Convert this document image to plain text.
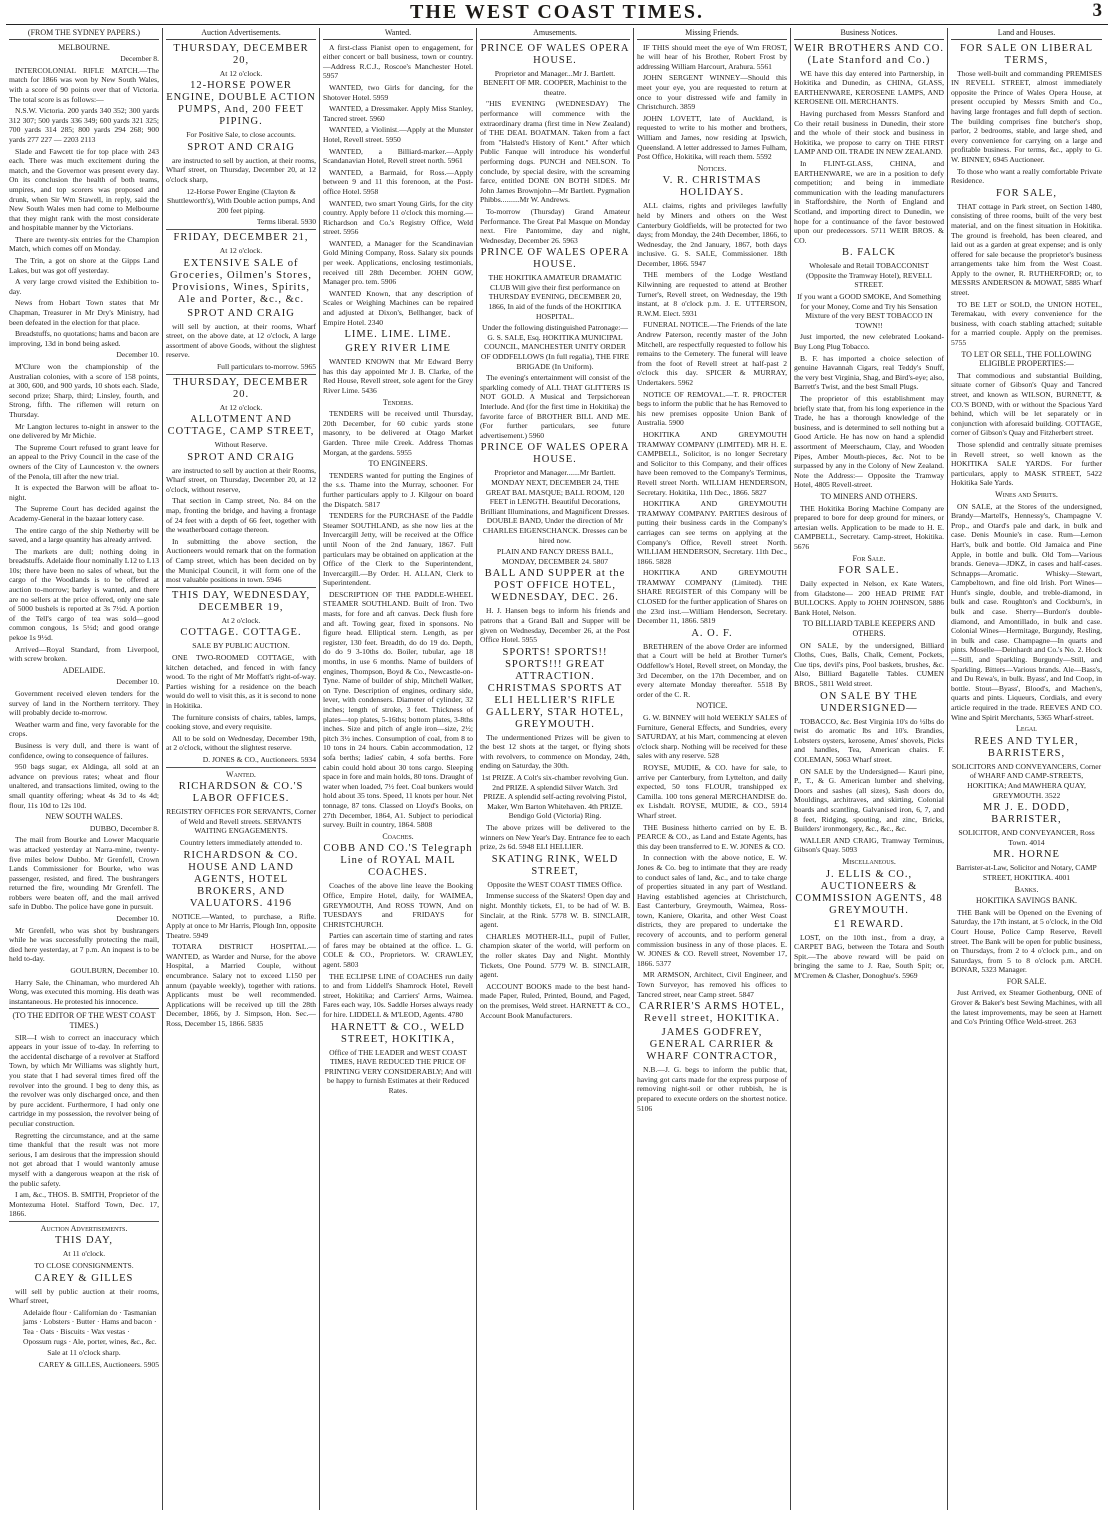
THE WEST COAST TIMES.	3
(FROM THE SYDNEY PAPERS.)

MELBOURNE.

December 8.

INTERCOLONIAL RIFLE MATCH.—The match for 1866 was won by New South Wales, with a score of 90 points over that of Victoria. The total score is as follows:—

N.S.W. Victoria. 200 yards 340 352; 300 yards 312 307; 500 yards 336 349; 600 yards 321 325; 700 yards 314 285; 800 yards 294 268; 900 yards 277 227 — 2203 2113

Slade and Fawcett tie for top place with 243 each. There was much excitement during the match, and the Governor was present every day. On its conclusion the health of both teams, umpires, and top scorers was proposed and drunk, when Sir Wm Stawell, in reply, said the New South Wales men had come to Melbourne that they might rank with the most considerate and hospitable manner by the Victorians.

There are twenty-six entries for the Champion Match, which comes off on Monday.

The Trin, a got on shore at the Gipps Land Lakes, but was got off yesterday.

A very large crowd visited the Exhibition to-day.

News from Hobart Town states that Mr Chapman, Treasurer in Mr Dry's Ministry, had been defeated in the election for that place.

Breadstuffs, no quotations; hams and bacon are improving, 13d in bond being asked.

December 10.

M'Clure won the championship of the Australian colonies, with a score of 158 points, at 300, 600, and 900 yards, 10 shots each. Slade, second prize; Sharp, third; Linsley, fourth, and Strong, fifth. The riflemen will return on Thursday.

Mr Langton lectures to-night in answer to the one delivered by Mr Michie.

The Supreme Court refused to grant leave for an appeal to the Privy Council in the case of the owners of the City of Launceston v. the owners of the Penola, till after the new trial.

It is expected the Barwon will be afloat to-night.

The Supreme Court has decided against the Academy-General in the bazaar lottery case.

The entire cargo of the ship Netherby will be saved, and a large quantity has already arrived.

The markets are dull; nothing doing in breadstuffs. Adelaide flour nominally L12 to L13 10s; there have been no sales of wheat, but the cargo of the Woodlands is to be offered at auction to-morrow; barley is wanted, and there are no sellers at the price offered, only one sale of 5000 bushels is reported at 3s 7½d. A portion of the Tell's cargo of tea was sold—good common congous, 1s 5½d; and good orange pekoe 1s 9½d.

Arrived—Royal Standard, from Liverpool, with screw broken.

ADELAIDE.

December 10.

Government received eleven tenders for the survey of land in the Northern territory. They will probably decide to-morrow.

Weather warm and fine, very favorable for the crops.

Business is very dull, and there is want of confidence, owing to consequence of failures.

950 bags sugar, ex Aldinga, all sold at an advance on previous rates; wheat and flour unaltered, and transactions limited, owing to the small quantity offering; wheat 4s 3d to 4s 4d; flour, 11s 10d to 12s 10d.

NEW SOUTH WALES.

DUBBO, December 8.

The mail from Bourke and Lower Macquarie was attacked yesterday at Narra-mine, twenty-five miles below Dubbo. Mr Grenfell, Crown Lands Commissioner for Bourke, who was passenger, resisted, and fired. The bushrangers returned the fire, wounding Mr Grenfell. The robbers were beaten off, and the mail arrived safe in Dubbo. The police have gone in pursuit.

December 10.

Mr Grenfell, who was shot by bushrangers while he was successfully protecting the mail, died here yesterday, at 7 p.m. An inquest is to be held to-day.

GOULBURN, December 10.

Harry Sale, the Chinaman, who murdered Ah Wong, was executed this morning. His death was instantaneous. He protested his innocence.

(TO THE EDITOR OF THE WEST COAST TIMES.)

SIR—I wish to correct an inaccuracy which appears in your issue of to-day. In referring to the accidental discharge of a revolver at Stafford Town, by which Mr Williams was slightly hurt, you state that I had several times fired off the revolver into the ground. I beg to deny this, as the revolver was only discharged once, and then by pure accident. Furthermore, I had only one cartridge in my possession, the revolver being of peculiar construction.

Regretting the circumstance, and at the same time thankful that the result was not more serious, I am desirous that the impression should not get abroad that I would wantonly amuse myself with a dangerous weapon at the risk of the public safety.

I am, &c., THOS. B. SMITH, Proprietor of the Montezuma Hotel. Stafford Town, Dec. 17, 1866.

Auction Advertisements.

THIS DAY,

At 11 o'clock.

TO CLOSE CONSIGNMENTS.

CAREY & GILLES

will sell by public auction at their rooms, Wharf street,

Adelaide flour · Californian do · Tasmanian jams · Lobsters · Butter · Hams and bacon · Tea · Oats · Biscuits · Wax vestas · Opossum rugs · Ale, porter, wines, &c., &c.

Sale at 11 o'clock sharp.

CAREY & GILLES, Auctioneers. 5905

Auction Advertisements.

THURSDAY, DECEMBER 20,

At 12 o'clock.

12-HORSE POWER ENGINE, DOUBLE ACTION PUMPS, And, 200 FEET PIPING.

For Positive Sale, to close accounts.

SPROT AND CRAIG

are instructed to sell by auction, at their rooms, Wharf street, on Thursday, December 20, at 12 o'clock sharp,

12-Horse Power Engine (Clayton & Shuttleworth's), With Double action pumps, And 200 feet piping.

Terms liberal. 5930

FRIDAY, DECEMBER 21,

At 12 o'clock.

EXTENSIVE SALE of Groceries, Oilmen's Stores, Provisions, Wines, Spirits, Ale and Porter, &c., &c.

SPROT AND CRAIG

will sell by auction, at their rooms, Wharf street, on the above date, at 12 o'clock, A large assortment of above Goods, without the slightest reserve.

Full particulars to-morrow. 5965

THURSDAY, DECEMBER 20.

At 12 o'clock.

ALLOTMENT AND COTTAGE, CAMP STREET,

Without Reserve.

SPROT AND CRAIG

are instructed to sell by auction at their Rooms, Wharf street, on Thursday, December 20, at 12 o'clock, without reserve,

That section in Camp street, No. 84 on the map, fronting the bridge, and having a frontage of 24 feet with a depth of 66 feet, together with the weatherboard cottage thereon.

In submitting the above section, the Auctioneers would remark that on the formation of Camp street, which has been decided on by the Municipal Council, it will form one of the most valuable positions in town. 5946

THIS DAY, WEDNESDAY, DECEMBER 19,

At 2 o'clock.

COTTAGE. COTTAGE.

SALE BY PUBLIC AUCTION.

ONE TWO-ROOMED COTTAGE, with kitchen detached, and fenced in with fancy wood. To the right of Mr Moffatt's right-of-way. Parties wishing for a residence on the beach would do well to visit this, as it is second to none in Hokitika.

The furniture consists of chairs, tables, lamps, cooking stove, and every requisite.

All to be sold on Wednesday, December 19th, at 2 o'clock, without the slightest reserve.

D. JONES & CO., Auctioneers. 5934

Wanted.

RICHARDSON & CO.'S LABOR OFFICES.

REGISTRY OFFICES FOR SERVANTS, Corner of Weld and Revell streets. SERVANTS WAITING ENGAGEMENTS.

Country letters immediately attended to.

RICHARDSON & CO. HOUSE AND LAND AGENTS, HOTEL BROKERS, AND VALUATORS. 4196

NOTICE.—Wanted, to purchase, a Rifle. Apply at once to Mr Harris, Plough Inn, opposite Theatre. 5949

TOTARA DISTRICT HOSPITAL.—WANTED, as Warder and Nurse, for the above Hospital, a Married Couple, without encumbrance. Salary not to exceed L150 per annum (payable weekly), together with rations. Applicants must be well recommended. Applications will be received up till the 28th December, 1866, by J. Simpson, Hon. Sec.—Ross, December 15, 1866. 5835

Wanted.

A first-class Pianist open to engagement, for either concert or ball business, town or country.—Address R.C.J., Roscoe's Manchester Hotel. 5957

WANTED, two Girls for dancing, for the Shotover Hotel. 5959

WANTED, a Dressmaker. Apply Miss Stanley, Tancred street. 5960

WANTED, a Violinist.—Apply at the Munster Hotel, Revell street. 5950

WANTED, a Billiard-marker.—Apply Scandanavian Hotel, Revell street north. 5961

WANTED, a Barmaid, for Ross.—Apply between 9 and 11 this forenoon, at the Post-office Hotel. 5958

WANTED, two smart Young Girls, for the city country. Apply before 11 o'clock this morning.—Richardson and Co.'s Registry Office, Weld street. 5956

WANTED, a Manager for the Scandinavian Gold Mining Company, Ross. Salary six pounds per week. Applications, enclosing testimonials, received till 28th December. JOHN GOW, Manager pro. tem. 5906

WANTED Known, that any description of Scales or Weighing Machines can be repaired and adjusted at Dixon's, Bellhanger, back of Empire Hotel. 2340

LIME. LIME. LIME.

GREY RIVER LIME

WANTED KNOWN that Mr Edward Berry has this day appointed Mr J. B. Clarke, of the Red House, Revell street, sole agent for the Grey River Lime. 5436

Tenders.

TENDERS will be received until Thursday, 20th December, for 60 cubic yards stone masonry, to be delivered at Otago Market Garden. Three mile Creek. Address Thomas Morgan, at the gardens. 5955

TO ENGINEERS.

TENDERS wanted for putting the Engines of the s.s. Thame into the Murray, schooner. For further particulars apply to J. Kilgour on board the Dispatch. 5817

TENDERS for the PURCHASE of the Paddle Steamer SOUTHLAND, as she now lies at the Invercargill Jetty, will be received at the Office until Noon of the 2nd January, 1867. Full particulars may be obtained on application at the Office of the Clerk to the Superintendent, Invercargill.—By Order. H. ALLAN, Clerk to Superintendent.

DESCRIPTION OF THE PADDLE-WHEEL STEAMER SOUTHLAND. Built of Iron. Two masts, for fore and aft canvas. Deck flush fore and aft. Towing gear, fixed in sponsons. No figure head. Elliptical stern. Length, as per register, 130 feet. Breadth, do do 19 do. Depth, do do 9 3-10ths do. Boiler, tubular, age 18 months, in use 6 months. Name of builders of engines, Thompson, Boyd & Co., Newcastle-on-Tyne. Name of builder of ship, Mitchell Walker, on Tyne. Description of engines, ordinary side, lever, with condensers. Diameter of cylinder, 32 inches; length of stroke, 3 feet. Thickness of plates—top plates, 5-16ths; bottom plates, 3-8ths inches. Size and pitch of angle iron—size, 2½; pitch 3½ inches. Consumption of coal, from 8 to 10 tons in 24 hours. Cabin accommodation, 12 sofa berths; ladies' cabin, 4 sofa berths. Fore cabin could hold about 30 tons cargo. Sleeping space in fore and main holds, 80 tons. Draught of water when loaded, 7½ feet. Coal bunkers would hold about 35 tons. Speed, 11 knots per hour. Net tonnage, 87 tons. Classed on Lloyd's Books, on 27th December, 1864, A1. Subject to periodical survey. Built in country, 1864. 5808

Coaches.

COBB AND CO.'S Telegraph Line of ROYAL MAIL COACHES.

Coaches of the above line leave the Booking Office, Empire Hotel, daily, for WAIMEA, GREYMOUTH, And ROSS TOWN, And on TUESDAYS and FRIDAYS for CHRISTCHURCH.

Parties can ascertain time of starting and rates of fares may be obtained at the office. L. G. COLE & CO., Proprietors. W. CRAWLEY, agent. 5803

THE ECLIPSE LINE of COACHES run daily to and from Liddell's Shamrock Hotel, Revell street, Hokitika; and Carriers' Arms, Waimea. Fares each way, 10s. Saddle Horses always ready for hire. LIDDELL & M'LEOD, Agents. 4780

HARNETT & CO., WELD STREET, HOKITIKA,

Office of THE LEADER and WEST COAST TIMES, HAVE REDUCED THE PRICE OF PRINTING VERY CONSIDERABLY; And will be happy to furnish Estimates at their Reduced Rates.

Amusements.

PRINCE OF WALES OPERA HOUSE.

Proprietor and Manager...Mr J. Bartlett. BENEFIT OF MR. COOPER, Machinist to the theatre.

"HIS EVENING (WEDNESDAY) The performance will commence with the extraordinary drama (first time in New Zealand) of THE DEAL BOATMAN. Taken from a fact from "Halsted's History of Kent." After which Public Fanque will introduce his wonderful performing dogs. PUNCH and NELSON. To conclude, by special desire, with the screaming farce, entitled DONE ON BOTH SIDES. Mr John James Brownjohn—Mr Bartlett. Pygmalion Phibbs..........Mr W. Andrews.

To-morrow (Thursday) Grand Amateur Performance. The Great Pal Masque on Monday next. Fire Pantomime, day and night, Wednesday, December 26. 5963

PRINCE OF WALES OPERA HOUSE.

THE HOKITIKA AMATEUR DRAMATIC CLUB Will give their first performance on THURSDAY EVENING, DECEMBER 20, 1866, In aid of the funds of the HOKITIKA HOSPITAL.

Under the following distinguished Patronage:— G. S. SALE, Esq. HOKITIKA MUNICIPAL COUNCIL, MANCHESTER UNITY ORDER OF ODDFELLOWS (In full regalia), THE FIRE BRIGADE (In Uniform).

The evening's entertainment will consist of the sparkling comedy of ALL THAT GLITTERS IS NOT GOLD. A Musical and Terpsichorean Interlude. And (for the first time in Hokitika) the favorite farce of BROTHER BILL AND ME. (For further particulars, see future advertisement.) 5960

PRINCE OF WALES OPERA HOUSE.

Proprietor and Manager.......Mr Bartlett. MONDAY NEXT, DECEMBER 24, THE GREAT BAL MASQUE; BALL ROOM, 120 FEET in LENGTH. Beautiful Decorations, Brilliant Illuminations, and Magnificent Dresses. DOUBLE BAND, Under the direction of Mr CHARLES EIGENSCHANCK. Dresses can be hired now.

PLAIN AND FANCY DRESS BALL, MONDAY, DECEMBER 24. 5807

BALL AND SUPPER at the POST OFFICE HOTEL, WEDNESDAY, DEC. 26.

H. J. Hansen begs to inform his friends and patrons that a Grand Ball and Supper will be given on Wednesday, December 26, at the Post Office Hotel. 5955

SPORTS! SPORTS!! SPORTS!!! GREAT ATTRACTION. CHRISTMAS SPORTS AT ELI HELLIER'S RIFLE GALLERY, STAR HOTEL, GREYMOUTH.

The undermentioned Prizes will be given to the best 12 shots at the target, or flying shots with revolvers, to commence on Monday, 24th, ending on Saturday, the 30th.

1st PRIZE. A Colt's six-chamber revolving Gun. 2nd PRIZE. A splendid Silver Watch. 3rd PRIZE. A splendid self-acting revolving Pistol, Maker, Wm Barton Whitehaven. 4th PRIZE. Bendigo Gold (Victoria) Ring.

The above prizes will be delivered to the winners on New Year's Day. Entrance fee to each prize, 2s 6d. 5948 ELI HELLIER.

SKATING RINK, WELD STREET,

Opposite the WEST COAST TIMES Office.

Immense success of the Skaters! Open day and night. Monthly tickets, £1, to be had of W. B. Sinclair, at the Rink. 5778 W. B. SINCLAIR, agent.

CHARLES MOTHER-ILL, pupil of Fuller, champion skater of the world, will perform on the roller skates Day and Night. Monthly Tickets, One Pound. 5779 W. B. SINCLAIR, agent.

ACCOUNT BOOKS made to the best hand-made Paper, Ruled, Printed, Bound, and Paged, on the premises, Weld street. HARNETT & CO., Account Book Manufacturers.

Missing Friends.

IF THIS should meet the eye of Wm FROST, he will hear of his Brother, Robert Frost by addressing William Harcourt, Arahura. 5561

JOHN SERGENT WINNEY—Should this meet your eye, you are requested to return at once to your distressed wife and family in Christchurch. 3859

JOHN LOVETT, late of Auckland, is requested to write to his mother and brothers, William and James, now residing at Ipswich, Queensland. A letter addressed to James Fulham, Post Office, Hokitika, will reach them. 5592

Notices.

V. R. CHRISTMAS HOLIDAYS.

ALL claims, rights and privileges lawfully held by Miners and others on the West Canterbury Goldfields, will be protected for two days; from Monday, the 24th December, 1866, to Wednesday, the 2nd January, 1867, both days inclusive. G. S. SALE, Commissioner. 18th December, 1866. 5947

THE members of the Lodge Westland Kilwinning are requested to attend at Brother Turner's, Revell street, on Wednesday, the 19th instant, at 8 o'clock p.m. J. E. UTTERSON, R.W.M. Elect. 5931

FUNERAL NOTICE.—The Friends of the late Andrew Paterson, recently master of the John Mitchell, are respectfully requested to follow his remains to the Cemetery. The funeral will leave from the foot of Revell street at half-past 2 o'clock this day. SPICER & MURRAY, Undertakers. 5962

NOTICE OF REMOVAL.—T. R. PROCTER begs to inform the public that he has Removed to his new premises opposite Union Bank of Australia. 5900

HOKITIKA AND GREYMOUTH TRAMWAY COMPANY (LIMITED). MR H. E. CAMPBELL, Solicitor, is no longer Secretary and Solicitor to this Company, and their offices have been removed to the Company's Terminus, Revell street North. WILLIAM HENDERSON, Secretary. Hokitika, 11th Dec., 1866. 5827

HOKITIKA AND GREYMOUTH TRAMWAY COMPANY. PARTIES desirous of putting their business cards in the Company's carriages can see terms on applying at the Company's Office, Revell street North. WILLIAM HENDERSON, Secretary. 11th Dec., 1866. 5828

HOKITIKA AND GREYMOUTH TRAMWAY COMPANY (Limited). THE SHARE REGISTER of this Company will be CLOSED for the further application of Shares on the 23rd inst.—William Henderson, Secretary. December 11, 1866. 5819

A. O. F.

BRETHREN of the above Order are informed that a Court will be held at Brother Turner's Oddfellow's Hotel, Revell street, on Monday, the 3rd December, on the 17th December, and on every alternate Monday thereafter. 5518 By order of the C. R.

NOTICE.

G. W. BINNEY will hold WEEKLY SALES of Furniture, General Effects, and Sundries, every SATURDAY, at his Mart, commencing at eleven o'clock sharp. Nothing will be received for these sales with any reserve. 528

ROYSE, MUDIE, & CO. have for sale, to arrive per Canterbury, from Lyttelton, and daily expected, 50 tons FLOUR, transhipped ex Camilla. 100 tons general MERCHANDISE do. ex Lishdalt. ROYSE, MUDIE, & CO., 5914 Wharf street.

THE Business hitherto carried on by E. B. PEARCE & CO., as Land and Estate Agents, has this day been transferred to E. W. JONES & CO.

In connection with the above notice, E. W. Jones & Co. beg to intimate that they are ready to conduct sales of land, &c., and to take charge of properties situated in any part of Westland. Having established agencies at Christchurch, East Canterbury, Greymouth, Waimea, Ross-town, Kaniere, Okarita, and other West Coast districts, they are prepared to undertake the recovery of accounts, and to perform general commission business in any of those places. E. W. JONES & CO. Revell street, November 17, 1866. 5377

MR ARMSON, Architect, Civil Engineer, and Town Surveyor, has removed his offices to Tancred street, near Camp street. 5847

CARRIER'S ARMS HOTEL, Revell street, HOKITIKA.

JAMES GODFREY, GENERAL CARRIER & WHARF CONTRACTOR,

N.B.—J. G. begs to inform the public that, having got carts made for the express purpose of removing night-soil or other rubbish, he is prepared to execute orders on the shortest notice. 5106

Business Notices.

WEIR BROTHERS AND CO. (Late Stanford and Co.)

WE have this day entered into Partnership, in Hokitika and Dunedin, as CHINA, GLASS, EARTHENWARE, KEROSENE LAMPS, AND KEROSENE OIL MERCHANTS.

Having purchased from Messrs Stanford and Co their retail business in Dunedin, their store and the whole of their stock and business in Hokitika, we propose to carry on THE FIRST LAMP AND OIL TRADE IN NEW ZEALAND.

In FLINT-GLASS, CHINA, and EARTHENWARE, we are in a position to defy competition; and being in immediate communication with the leading manufacturers in Staffordshire, the North of England and Scotland, and importing direct to Dunedin, we hope for a continuance of the favor bestowed upon our predecessors. 5711 WEIR BROS. & CO.

B. FALCK

Wholesale and Retail TOBACCONIST (Opposite the Tramway Hotel), REVELL STREET.

If you want a GOOD SMOKE, And Something for your Money, Come and Try his Sensation Mixture of the very BEST TOBACCO IN TOWN!!

Just imported, the new celebrated Lookand-Buy Long Plug Tobacco.

B. F. has imported a choice selection of genuine Havannah Cigars, real Teddy's Snuff, the very best Virginia, Shag, and Bird's-eye; also, Barrett's Twist, and the best Small Plugs.

The proprietor of this establishment may briefly state that, from his long experience in the Trade, he has a thorough knowledge of the business, and is determined to sell nothing but a Good Article. He has now on hand a splendid assortment of Meerschaum, Clay, and Wooden Pipes, Amber Mouth-pieces, &c. Not to be surpassed by any in the Colony of New Zealand. Note the Address:— Opposite the Tramway Hotel, 4805 Revell-street.

TO MINERS AND OTHERS.

THE Hokitika Boring Machine Company are prepared to bore for deep ground for miners, or artesian wells. Application to be made to H. E. CAMPBELL, Secretary. Camp-street, Hokitika. 5676

For Sale.

FOR SALE.

Daily expected in Nelson, ex Kate Waters, from Gladstone— 200 HEAD PRIME FAT BULLOCKS. Apply to JOHN JOHNSON, 5886 Bank Hotel, Nelson.

TO BILLIARD TABLE KEEPERS AND OTHERS.

ON SALE, by the undersigned, Billiard Cloths, Cues, Balls, Chalk, Cement, Pockets, Cue tips, devil's pins, Pool baskets, brushes, &c. Also, Billiard Bagatelle Tables. CUMEN BROS., 5811 Weld street.

ON SALE BY THE UNDERSIGNED—

TOBACCO, &c. Best Virginia 10's do ½lbs do twist do aromatic lbs and 10's. Brandies, Lobsters oysters, kerosene, Ames' shovels, Picks and handles, Tea, American chairs. F. COLEMAN, 5063 Wharf street.

ON SALE by the Undersigned— Kauri pine, P., T., & G. American lumber and shelving, Doors and sashes (all sizes), Sash doors do, Mouldings, architraves, and skirting, Colonial boards and scantling, Galvanised iron, 6, 7, and 8 feet, Ridging, spouting, and zinc, Bricks, Builders' ironmongery, &c., &c., &c.

WALLER AND CRAIG, Tramway Terminus, Gibson's Quay. 5093

Miscellaneous.

J. ELLIS & CO., AUCTIONEERS & COMMISSION AGENTS, 48 GREYMOUTH.

£1 REWARD.

LOST, on the 10th inst., from a dray, a CARPET BAG, between the Totara and South Spit.—The above reward will be paid on bringing the same to J. Rae, South Spit; or, M'Cremen & Clasher, Donoghue's. 5969

Land and Houses.

FOR SALE ON LIBERAL TERMS,

Those well-built and commanding PREMISES IN REVELL STREET, almost immediately opposite the Prince of Wales Opera House, at present occupied by Messrs Smith and Co., having large frontages and full depth of section. The building comprises fine butcher's shop, parlor, 2 bedrooms, stable, and large shed, and every convenience for carrying on a large and profitable business. For terms, &c., apply to G. W. BINNEY, 6945 Auctioneer.

To those who want a really comfortable Private Residence.

FOR SALE,

THAT cottage in Park street, on Section 1480, consisting of three rooms, built of the very best material, and on the finest situation in Hokitika. The ground is freehold, has been cleared, and laid out as a garden at great expense; and is only offered for sale because the proprietor's business arrangements take him from the West Coast. Apply to the owner, R. RUTHERFORD; or, to MESSRS ANDERSON & MOWAT, 5885 Wharf street.

TO BE LET or SOLD, the UNION HOTEL, Teremakau, with every convenience for the business, with coach stabling attached; suitable for a married couple. Apply on the premises. 5755

TO LET OR SELL, THE FOLLOWING ELIGIBLE PROPERTIES:—

That commodious and substantial Building, situate corner of Gibson's Quay and Tancred street, and known as WILSON, BURNETT, & CO.'S BOND, with or without the Spacious Yard behind, which will be let separately or in conjunction with aforesaid building. COTTAGE, corner of Gibson's Quay and Fitzherbert street.

Those splendid and centrally situate premises in Revell street, so well known as the HOKITIKA SALE YARDS. For further particulars, apply to MASK STREET, 5422 Hokitika Sale Yards.

Wines and Spirits.

ON SALE, at the Stores of the undersigned, Brandy—Martell's, Hennessy's, Champagne V. Prop., and Otard's pale and dark, in bulk and case. Denis Mounie's in case. Rum—Lemon Hart's, bulk and bottle. Old Jamaica and Pine Apple, in bottle and bulk. Old Tom—Various brands. Geneva—JDKZ, in cases and half-cases. Schnapps—Aromatic. Whisky—Stewart, Campbeltown, and fine old Irish. Port Wines—Hunt's single, double, and treble-diamond, in bulk and case. Roughton's and Cockburn's, in bulk and case. Sherry—Burdon's double-diamond, and Amontillado, in bulk and case. Colonial Wines—Hermitage, Burgundy, Resling, in bulk and case. Champagne—In quarts and pints. Moselle—Deinhardt and Co.'s No. 2. Hock—Still, and Sparkling. Burgundy—Still, and Sparkling. Bitters—Various brands. Ale—Bass's, and Du Rewa's, in bulk. Byass', and Ind Coop, in bottle. Stout—Byass', Blood's, and Machen's, quarts and pints. Liqueurs, Cordials, and every article required in the trade. REEVES AND CO. Wine and Spirit Merchants, 5365 Wharf-street.

Legal

REES AND TYLER, BARRISTERS,

SOLICITORS AND CONVEYANCERS, Corner of WHARF AND CAMP-STREETS, HOKITIKA; And MAWHERA QUAY, GREYMOUTH. 3522

MR J. E. DODD, BARRISTER,

SOLICITOR, AND CONVEYANCER, Ross Town. 4014

MR. HORNE

Barrister-at-Law, Solicitor and Notary, CAMP STREET, HOKITIKA. 4001

Banks.

HOKITIKA SAVINGS BANK.

THE Bank will be Opened on the Evening of Saturday, the 17th instant, at 5 o'clock, in the Old Court House, Police Camp Reserve, Revell street. The Bank will be open for public business, on Thursdays, from 2 to 4 o'clock p.m., and on Saturdays, from 5 to 8 o'clock p.m. ARCH. BONAR, 5323 Manager.

FOR SALE.

Just Arrived, ex Steamer Gothenburg, ONE of Grover & Baker's best Sewing Machines, with all the latest improvements, may be seen at Harnett and Co's Printing Office Weld-street. 263
